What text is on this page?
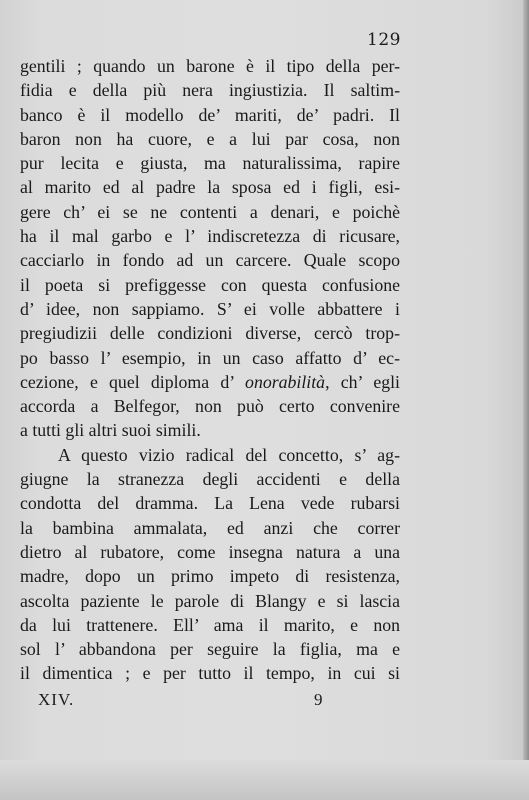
129
gentili ; quando un barone è il tipo della per-
fidia e della più nera ingiustizia. Il saltim-
banco è il modello de’ mariti, de’ padri. Il
baron non ha cuore, e a lui par cosa, non
pur lecita e giusta, ma naturalissima, rapire
al marito ed al padre la sposa ed i figli, esi-
gere ch’ ei se ne contenti a denari, e poichè
ha il mal garbo e l’ indiscretezza di ricusare,
cacciarlo in fondo ad un carcere. Quale scopo
il poeta si prefiggesse con questa confusione
d’ idee, non sappiamo. S’ ei volle abbattere i
pregiudizii delle condizioni diverse, cercò trop-
po basso l’ esempio, in un caso affatto d’ ec-
cezione, e quel diploma d’ onorabilità, ch’ egli
accorda a Belfegor, non può certo convenire
a tutti gli altri suoi simili.
A questo vizio radical del concetto, s’ ag-
giugne la stranezza degli accidenti e della
condotta del dramma. La Lena vede rubarsi
la bambina ammalata, ed anzi che correr
dietro al rubatore, come insegna natura a una
madre, dopo un primo impeto di resistenza,
ascolta paziente le parole di Blangy e si lascia
da lui trattenere. Ell’ ama il marito, e non
sol l’ abbandona per seguire la figlia, ma e
il dimentica ; e per tutto il tempo, in cui si
XIV.	9
